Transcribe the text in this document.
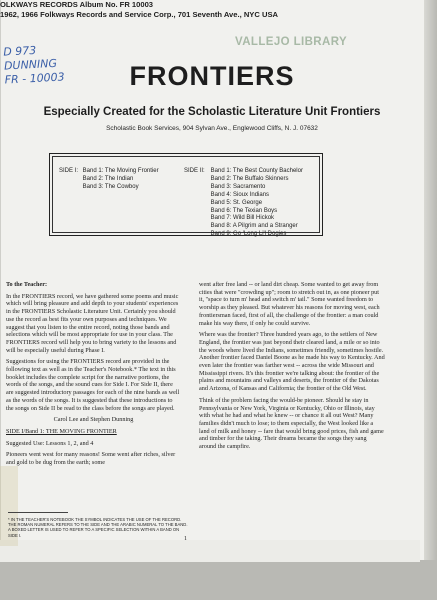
OLKWAYS RECORDS Album No. FR 10003
1962, 1966 Folkways Records and Service Corp., 701 Seventh Ave., NYC USA
VALLEJO LIBRARY
D 973
DUNNING
FR - 10003	FRONTIERS
Especially Created for the Scholastic Literature Unit Frontiers
Scholastic Book Services, 904 Sylvan Ave., Englewood Cliffs, N. J. 07632
SIDE I: Band 1: The Moving Frontier
Band 2: The Indian
Band 3: The Cowboy
SIDE II: Band 1: The Best County Bachelor
Band 2: The Buffalo Skinners
Band 3: Sacramento
Band 4: Sioux Indians
Band 5: St. George
Band 6: The Texian Boys
Band 7: Wild Bill Hickok
Band 8: A Pilgrim and a Stranger
Band 9: Go 'Long Li'l Dogies

To the Teacher:

In the FRONTIERS record, we have gathered some poems and music which will bring pleasure and add depth to your students' experiences in the FRONTIERS Scholastic Literature Unit. Certainly you should use the record as best fits your own purposes and techniques. We suggest that you listen to the entire record, noting those bands and selections which will be most appropriate for use in your class. The FRONTIERS record will help you to bring variety to the lessons and will be especially useful during Phase I.

Suggestions for using the FRONTIERS record are provided in the following text as well as in the Teacher's Notebook.* The text in this booklet includes the complete script for the narrative portions, the words of the songs, and the sound cues for Side I. For Side II, there are suggested introductory passages for each of the nine bands as well as the words of the songs. It is suggested that these introductions to the songs on Side II be read to the class before the songs are played.

Carol Lee and Stephen Dunning

SIDE I/Band 1: THE MOVING FRONTIER

Suggested Use: Lessons 1, 2, and 4

Pioneers went west for many reasons! Some went after riches, silver and gold to be dug from the earth; some

went after free land -- or land dirt cheap. Some wanted to get away from cities that were "crowding up"; room to stretch out in, as one pioneer put it, "space to turn m' head and switch m' tail." Some wanted freedom to worship as they pleased. But whatever his reasons for moving west, each frontiersman faced, first of all, the challenge of the frontier: a man could make his way there, if only he could survive.

Where was the frontier? Three hundred years ago, to the settlers of New England, the frontier was just beyond their cleared land, a mile or so into the woods where lived the Indians, sometimes friendly, sometimes hostile. Another frontier faced Daniel Boone as he made his way to Kentucky. And even later the frontier was farther west -- across the wide Missouri and Mississippi rivers. It's this frontier we're talking about: the frontier of the plains and mountains and valleys and deserts, the frontier of the Dakotas and Arizona, of Kansas and California; the frontier of the Old West.

Think of the problem facing the would-be pioneer. Should he stay in Pennsylvania or New York, Virginia or Kentucky, Ohio or Illinois, stay with what he had and what he knew -- or chance it all out West? Many families didn't much to lose; to them especially, the West looked like a land of milk and honey -- fare that would bring good prices, fish and game and timber for the taking. Their dreams became the songs they sang around the campfire.

* IN THE TEACHER'S NOTEBOOK THE SYMBOL INDICATES THE USE OF THE RECORD. THE ROMAN NUMERAL REFERS TO THE SIDE AND THE ARABIC NUMERAL TO THE BAND. A BOXED LETTER IS USED TO REFER TO A SPECIFIC SELECTION WITHIN A BAND ON SIDE I.
1
